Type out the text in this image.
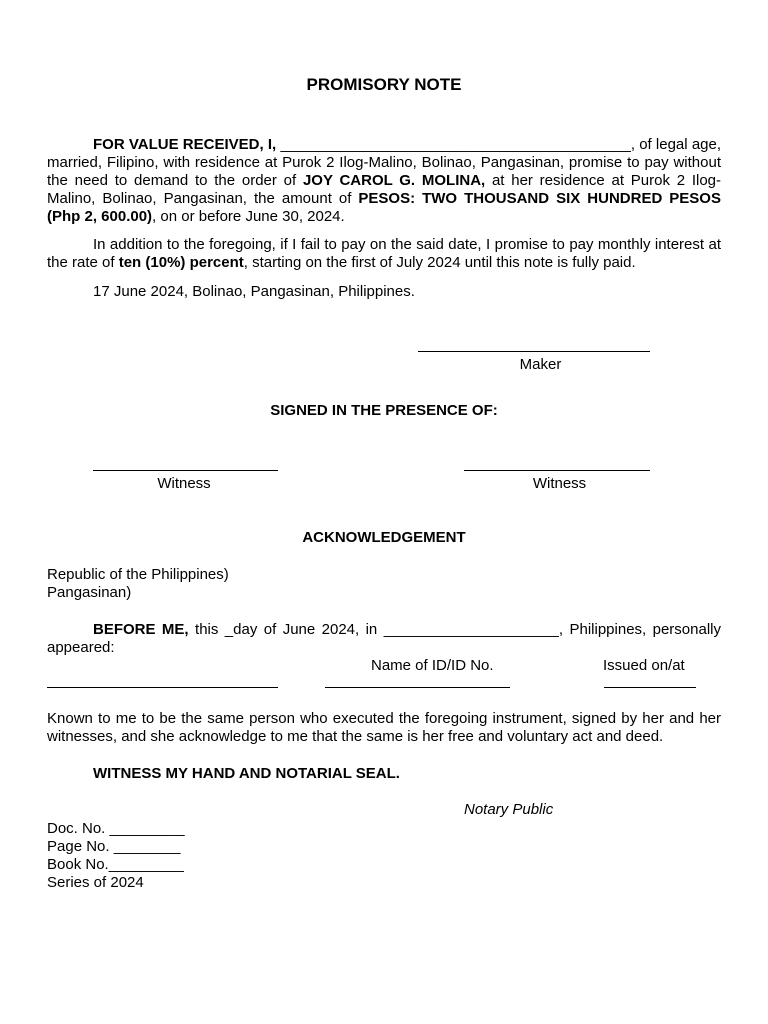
PROMISORY NOTE
FOR VALUE RECEIVED, I, __________________________________________, of legal age, married, Filipino, with residence at Purok 2 Ilog-Malino, Bolinao, Pangasinan, promise to pay without the need to demand to the order of JOY CAROL G. MOLINA, at her residence at Purok 2 Ilog-Malino, Bolinao, Pangasinan, the amount of PESOS: TWO THOUSAND SIX HUNDRED PESOS (Php 2, 600.00), on or before June 30, 2024.
In addition to the foregoing, if I fail to pay on the said date, I promise to pay monthly interest at the rate of ten (10%) percent, starting on the first of July 2024 until this note is fully paid.
17 June 2024, Bolinao, Pangasinan, Philippines.
Maker
SIGNED IN THE PRESENCE OF:
Witness	Witness
ACKNOWLEDGEMENT
Republic of the Philippines)
Pangasinan)
BEFORE ME, this _day of June 2024, in _____________________, Philippines, personally appeared:
Name of ID/ID No.	Issued on/at
Known to me to be the same person who executed the foregoing instrument, signed by her and her witnesses, and she acknowledge to me that the same is her free and voluntary act and deed.
WITNESS MY HAND AND NOTARIAL SEAL.
Notary Public
Doc. No. _________
Page No. ________
Book No._________
Series of 2024
